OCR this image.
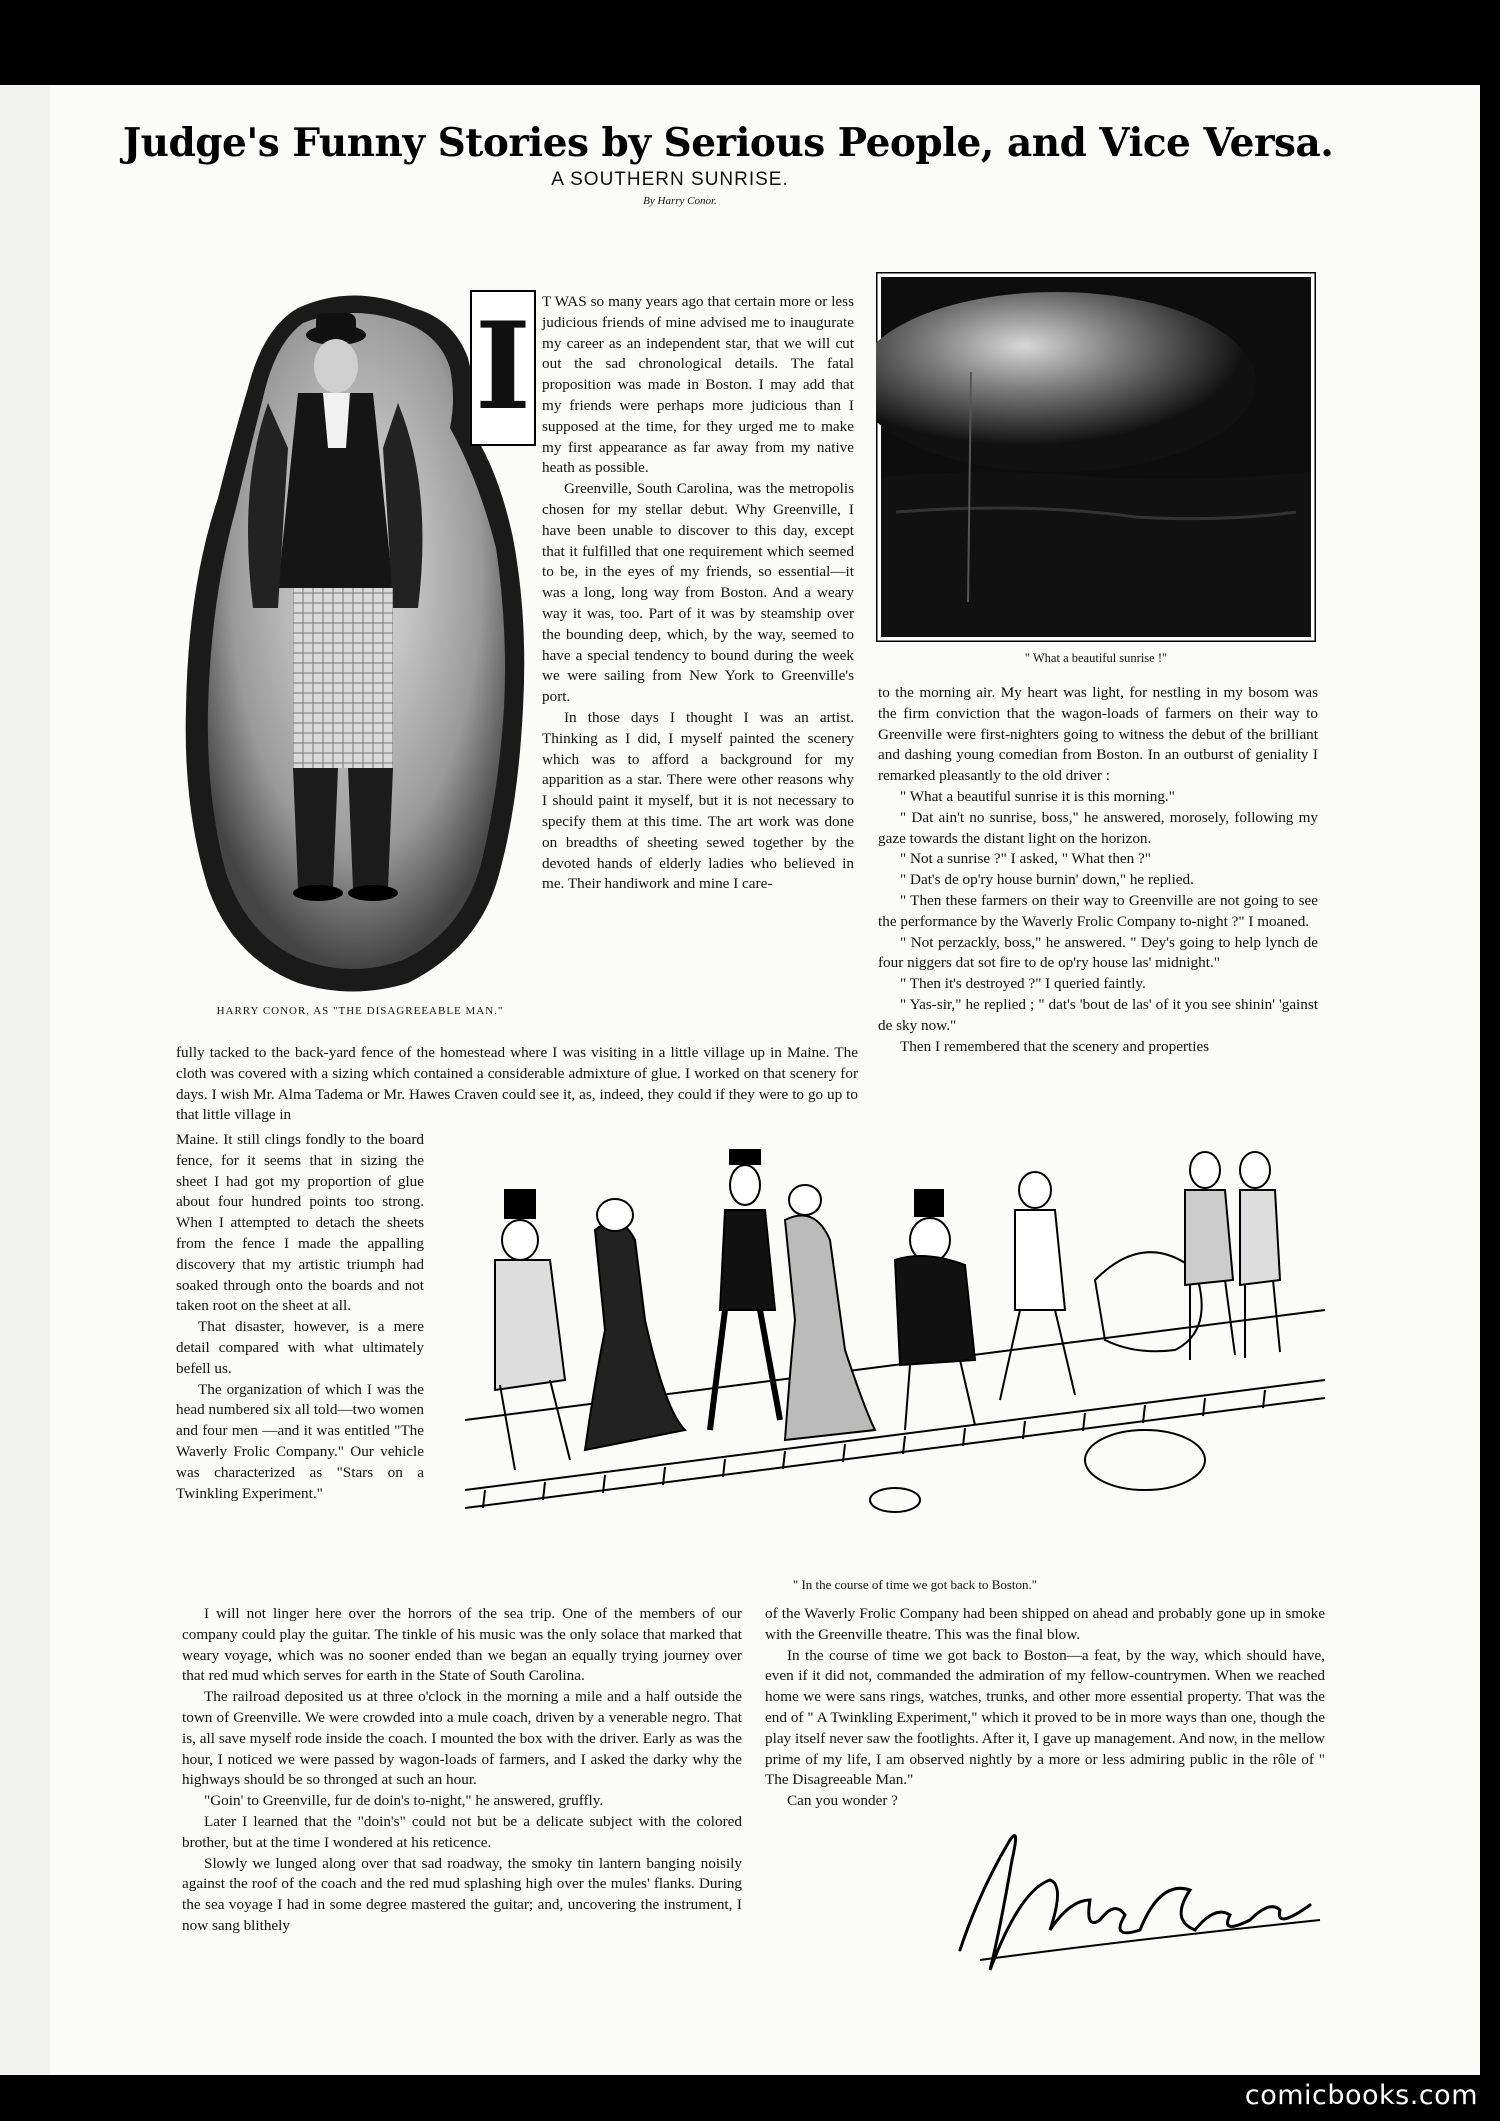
Judge's Funny Stories by Serious People, and Vice Versa.
A SOUTHERN SUNRISE.
By Harry Conor.
I
HARRY CONOR, AS "THE DISAGREEABLE MAN."
" What a beautiful sunrise !"
" In the course of time we got back to Boston."

T WAS so many years ago that certain more or less judicious friends of mine advised me to inaugurate my career as an independent star, that we will cut out the sad chronological details. The fatal proposition was made in Boston. I may add that my friends were perhaps more judicious than I supposed at the time, for they urged me to make my first appearance as far away from my native heath as possible.

Greenville, South Carolina, was the metropolis chosen for my stellar debut. Why Greenville, I have been unable to discover to this day, except that it fulfilled that one requirement which seemed to be, in the eyes of my friends, so essential—it was a long, long way from Boston. And a weary way it was, too. Part of it was by steamship over the bounding deep, which, by the way, seemed to have a special tendency to bound during the week we were sailing from New York to Greenville's port.

In those days I thought I was an artist. Thinking as I did, I myself painted the scenery which was to afford a background for my apparition as a star. There were other reasons why I should paint it myself, but it is not necessary to specify them at this time. The art work was done on breadths of sheeting sewed together by the devoted hands of elderly ladies who believed in me. Their handiwork and mine I care-

fully tacked to the back-yard fence of the homestead where I was visiting in a little village up in Maine. The cloth was covered with a sizing which contained a considerable admixture of glue. I worked on that scenery for days. I wish Mr. Alma Tadema or Mr. Hawes Craven could see it, as, indeed, they could if they were to go up to that little village in

Maine. It still clings fondly to the board fence, for it seems that in sizing the sheet I had got my proportion of glue about four hundred points too strong. When I attempted to detach the sheets from the fence I made the appalling discovery that my artistic triumph had soaked through onto the boards and not taken root on the sheet at all.

That disaster, however, is a mere detail compared with what ultimately befell us.

The organization of which I was the head numbered six all told—two women and four men —and it was entitled "The Waverly Frolic Company." Our vehicle was characterized as "Stars on a Twinkling Experiment."

I will not linger here over the horrors of the sea trip. One of the members of our company could play the guitar. The tinkle of his music was the only solace that marked that weary voyage, which was no sooner ended than we began an equally trying journey over that red mud which serves for earth in the State of South Carolina.

The railroad deposited us at three o'clock in the morning a mile and a half outside the town of Greenville. We were crowded into a mule coach, driven by a venerable negro. That is, all save myself rode inside the coach. I mounted the box with the driver. Early as was the hour, I noticed we were passed by wagon-loads of farmers, and I asked the darky why the highways should be so thronged at such an hour.

"Goin' to Greenville, fur de doin's to-night," he answered, gruffly.

Later I learned that the "doin's" could not but be a delicate subject with the colored brother, but at the time I wondered at his reticence.

Slowly we lunged along over that sad roadway, the smoky tin lantern banging noisily against the roof of the coach and the red mud splashing high over the mules' flanks. During the sea voyage I had in some degree mastered the guitar; and, uncovering the instrument, I now sang blithely

to the morning air. My heart was light, for nestling in my bosom was the firm conviction that the wagon-loads of farmers on their way to Greenville were first-nighters going to witness the debut of the brilliant and dashing young comedian from Boston. In an outburst of geniality I remarked pleasantly to the old driver :

" What a beautiful sunrise it is this morning."

" Dat ain't no sunrise, boss," he answered, morosely, following my gaze towards the distant light on the horizon.

" Not a sunrise ?" I asked, " What then ?"

" Dat's de op'ry house burnin' down," he replied.

" Then these farmers on their way to Greenville are not going to see the performance by the Waverly Frolic Company to-night ?" I moaned.

" Not perzackly, boss," he answered. " Dey's going to help lynch de four niggers dat sot fire to de op'ry house las' midnight."

" Then it's destroyed ?" I queried faintly.

" Yas-sir," he replied ; " dat's 'bout de las' of it you see shinin' 'gainst de sky now."

Then I remembered that the scenery and properties

of the Waverly Frolic Company had been shipped on ahead and probably gone up in smoke with the Greenville theatre. This was the final blow.

In the course of time we got back to Boston—a feat, by the way, which should have, even if it did not, commanded the admiration of my fellow-countrymen. When we reached home we were sans rings, watches, trunks, and other more essential property. That was the end of " A Twinkling Experiment," which it proved to be in more ways than one, though the play itself never saw the footlights. After it, I gave up management. And now, in the mellow prime of my life, I am observed nightly by a more or less admiring public in the rôle of " The Disagreeable Man."

Can you wonder ?

comicbooks.com
